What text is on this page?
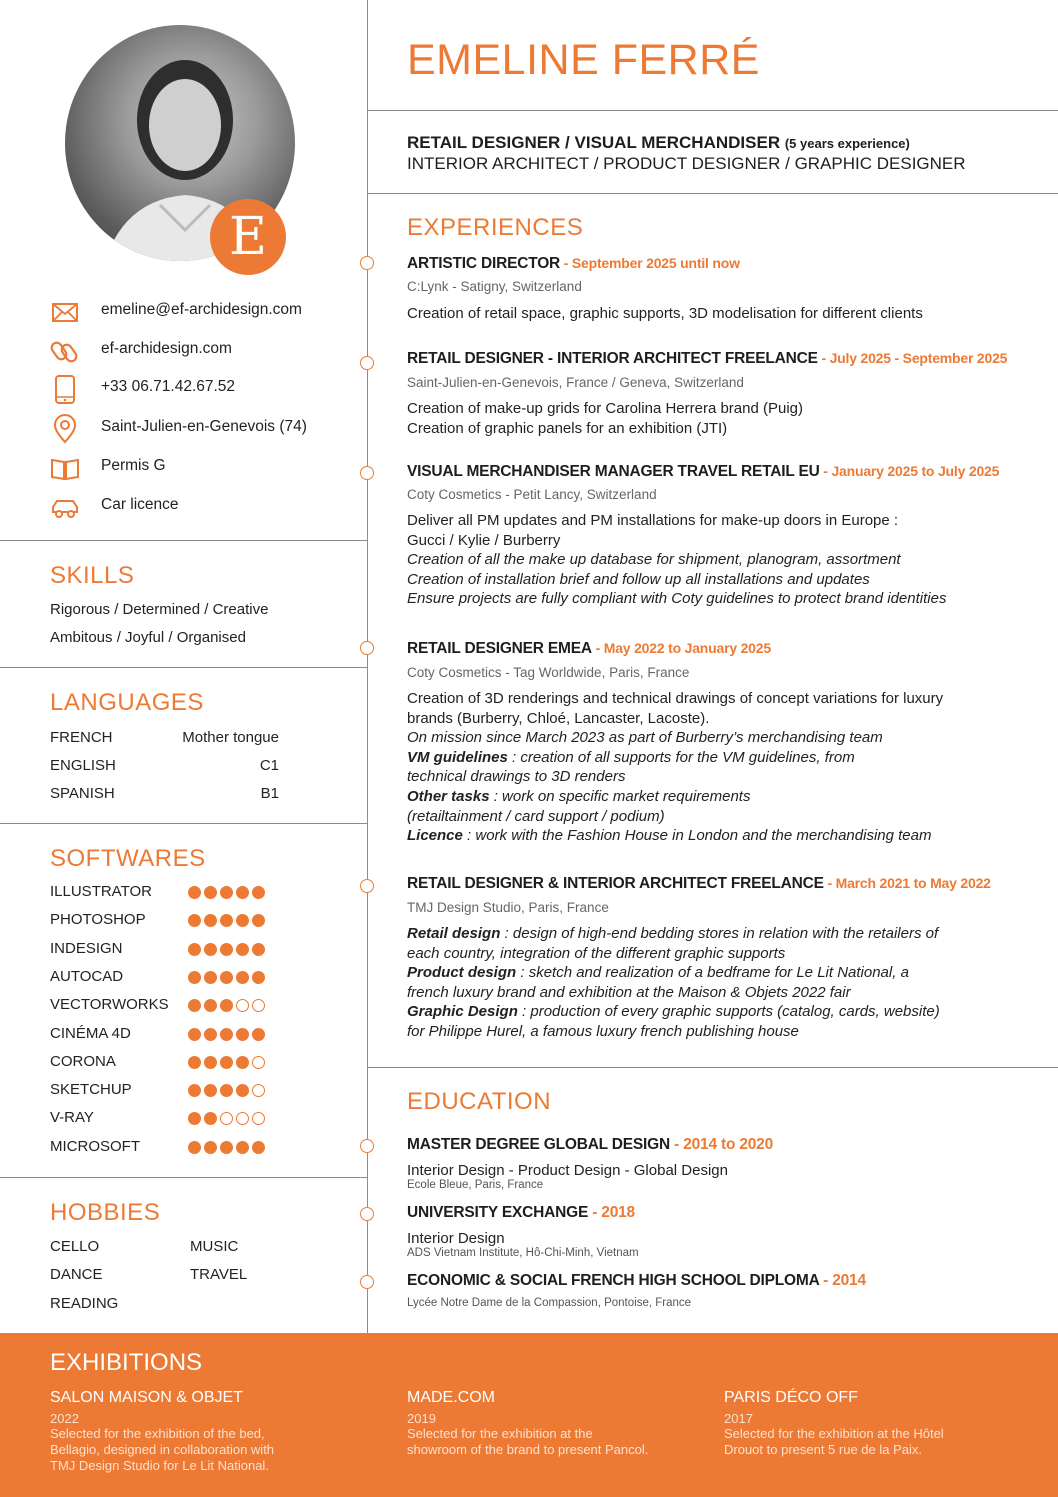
E
emeline@ef-archidesign.com
ef-archidesign.com
+33 06.71.42.67.52
Saint-Julien-en-Genevois (74)
Permis G
Car licence
SKILLS
Rigorous / Determined / Creative
Ambitous / Joyful / Organised
LANGUAGES
FRENCH	Mother tongue
ENGLISH	C1
SPANISH	B1
SOFTWARES
ILLUSTRATOR
PHOTOSHOP
INDESIGN
AUTOCAD
VECTORWORKS
CINÉMA 4D
CORONA
SKETCHUP
V-RAY
MICROSOFT
HOBBIES
CELLO	MUSIC
DANCE	TRAVEL
READING
EMELINE FERRÉ
RETAIL DESIGNER / VISUAL MERCHANDISER (5 years experience)
INTERIOR ARCHITECT / PRODUCT DESIGNER / GRAPHIC DESIGNER
EXPERIENCES
ARTISTIC DIRECTOR - September 2025 until now
C:Lynk - Satigny, Switzerland
Creation of retail space, graphic supports, 3D modelisation for different clients
RETAIL DESIGNER - INTERIOR ARCHITECT FREELANCE - July 2025 - September 2025
Saint-Julien-en-Genevois, France / Geneva, Switzerland
Creation of make-up grids for Carolina Herrera brand (Puig)
Creation of graphic panels for an exhibition (JTI)
VISUAL MERCHANDISER MANAGER TRAVEL RETAIL EU - January 2025 to July 2025
Coty Cosmetics - Petit Lancy, Switzerland
Deliver all PM updates and PM installations for make-up doors in Europe :
Gucci / Kylie / Burberry
Creation of all the make up database for shipment, planogram, assortment
Creation of installation brief and follow up all installations and updates
Ensure projects are fully compliant with Coty guidelines to protect brand identities
RETAIL DESIGNER EMEA - May 2022 to January 2025
Coty Cosmetics - Tag Worldwide, Paris, France
Creation of 3D renderings and technical drawings of concept variations for luxury
brands (Burberry, Chloé, Lancaster, Lacoste).
On mission since March 2023 as part of Burberry’s merchandising team
VM guidelines : creation of all supports for the VM guidelines, from
technical drawings to 3D renders
Other tasks : work on specific market requirements
(retailtainment / card support / podium)
Licence : work with the Fashion House in London and the merchandising team
RETAIL DESIGNER & INTERIOR ARCHITECT FREELANCE - March 2021 to May 2022
TMJ Design Studio, Paris, France
Retail design : design of high-end bedding stores in relation with the retailers of
each country, integration of the different graphic supports
Product design : sketch and realization of a bedframe for Le Lit National, a
french luxury brand and exhibition at the Maison & Objets 2022 fair
Graphic Design : production of every graphic supports (catalog, cards, website)
for Philippe Hurel, a famous luxury french publishing house
EDUCATION
MASTER DEGREE GLOBAL DESIGN - 2014 to 2020
Interior Design - Product Design - Global Design
Ecole Bleue, Paris, France
UNIVERSITY EXCHANGE - 2018
Interior Design
ADS Vietnam Institute, Hô-Chi-Minh, Vietnam
ECONOMIC & SOCIAL FRENCH HIGH SCHOOL DIPLOMA - 2014
Lycée Notre Dame de la Compassion, Pontoise, France
EXHIBITIONS
SALON MAISON & OBJET
2022
Selected for the exhibition of the bed,
Bellagio, designed in collaboration with
TMJ Design Studio for Le Lit National.
MADE.COM
2019
Selected for the exhibition at the
showroom of the brand to present Pancol.
PARIS DÉCO OFF
2017
Selected for the exhibition at the Hôtel
Drouot to present 5 rue de la Paix.
